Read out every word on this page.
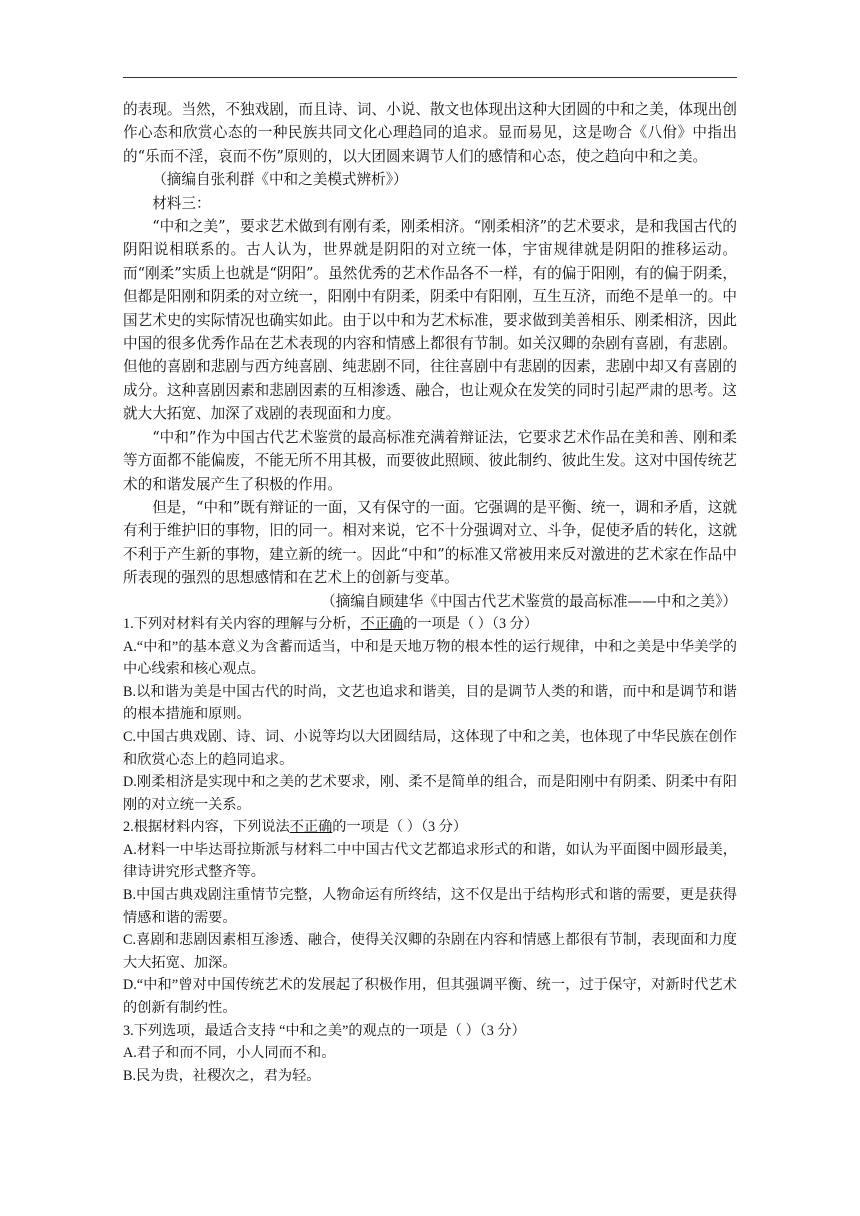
的表现。当然，不独戏剧，而且诗、词、小说、散文也体现出这种大团圆的中和之美，体现出创作心态和欣赏心态的一种民族共同文化心理趋同的追求。显而易见，这是吻合《八佾》中指出的“乐而不淫，哀而不伤”原则的，以大团圆来调节人们的感情和心态，使之趋向中和之美。

（摘编自张利群《中和之美模式辨析》）

材料三：

“中和之美”，要求艺术做到有刚有柔，刚柔相济。“刚柔相济”的艺术要求，是和我国古代的阴阳说相联系的。古人认为，世界就是阴阳的对立统一体，宇宙规律就是阴阳的推移运动。而“刚柔”实质上也就是“阴阳”。虽然优秀的艺术作品各不一样，有的偏于阳刚，有的偏于阴柔，但都是阳刚和阴柔的对立统一，阳刚中有阴柔，阴柔中有阳刚，互生互济，而绝不是单一的。中国艺术史的实际情况也确实如此。由于以中和为艺术标准，要求做到美善相乐、刚柔相济，因此中国的很多优秀作品在艺术表现的内容和情感上都很有节制。如关汉卿的杂剧有喜剧，有悲剧。但他的喜剧和悲剧与西方纯喜剧、纯悲剧不同，往往喜剧中有悲剧的因素，悲剧中却又有喜剧的成分。这种喜剧因素和悲剧因素的互相渗透、融合，也让观众在发笑的同时引起严肃的思考。这就大大拓宽、加深了戏剧的表现面和力度。

“中和”作为中国古代艺术鉴赏的最高标准充满着辩证法，它要求艺术作品在美和善、刚和柔等方面都不能偏废，不能无所不用其极，而要彼此照顾、彼此制约、彼此生发。这对中国传统艺术的和谐发展产生了积极的作用。

但是，“中和”既有辩证的一面，又有保守的一面。它强调的是平衡、统一，调和矛盾，这就有利于维护旧的事物，旧的同一。相对来说，它不十分强调对立、斗争，促使矛盾的转化，这就不利于产生新的事物，建立新的统一。因此“中和”的标准又常被用来反对激进的艺术家在作品中所表现的强烈的思想感情和在艺术上的创新与变革。

（摘编自顾建华《中国古代艺术鉴赏的最高标准——中和之美》）

1.下列对材料有关内容的理解与分析，不正确的一项是（ ）（3 分）

A.“中和”的基本意义为含蓄而适当，中和是天地万物的根本性的运行规律，中和之美是中华美学的中心线索和核心观点。

B.以和谐为美是中国古代的时尚，文艺也追求和谐美，目的是调节人类的和谐，而中和是调节和谐的根本措施和原则。

C.中国古典戏剧、诗、词、小说等均以大团圆结局，这体现了中和之美，也体现了中华民族在创作和欣赏心态上的趋同追求。

D.刚柔相济是实现中和之美的艺术要求，刚、柔不是简单的组合，而是阳刚中有阴柔、阴柔中有阳刚的对立统一关系。

2.根据材料内容，下列说法不正确的一项是（ ）（3 分）

A.材料一中毕达哥拉斯派与材料二中中国古代文艺都追求形式的和谐，如认为平面图中圆形最美，律诗讲究形式整齐等。

B.中国古典戏剧注重情节完整，人物命运有所终结，这不仅是出于结构形式和谐的需要，更是获得情感和谐的需要。

C.喜剧和悲剧因素相互渗透、融合，使得关汉卿的杂剧在内容和情感上都很有节制，表现面和力度大大拓宽、加深。

D.“中和”曾对中国传统艺术的发展起了积极作用，但其强调平衡、统一，过于保守，对新时代艺术的创新有制约性。

3.下列选项，最适合支持 “中和之美”的观点的一项是（ ）（3 分）

A.君子和而不同，小人同而不和。

B.民为贵，社稷次之，君为轻。
